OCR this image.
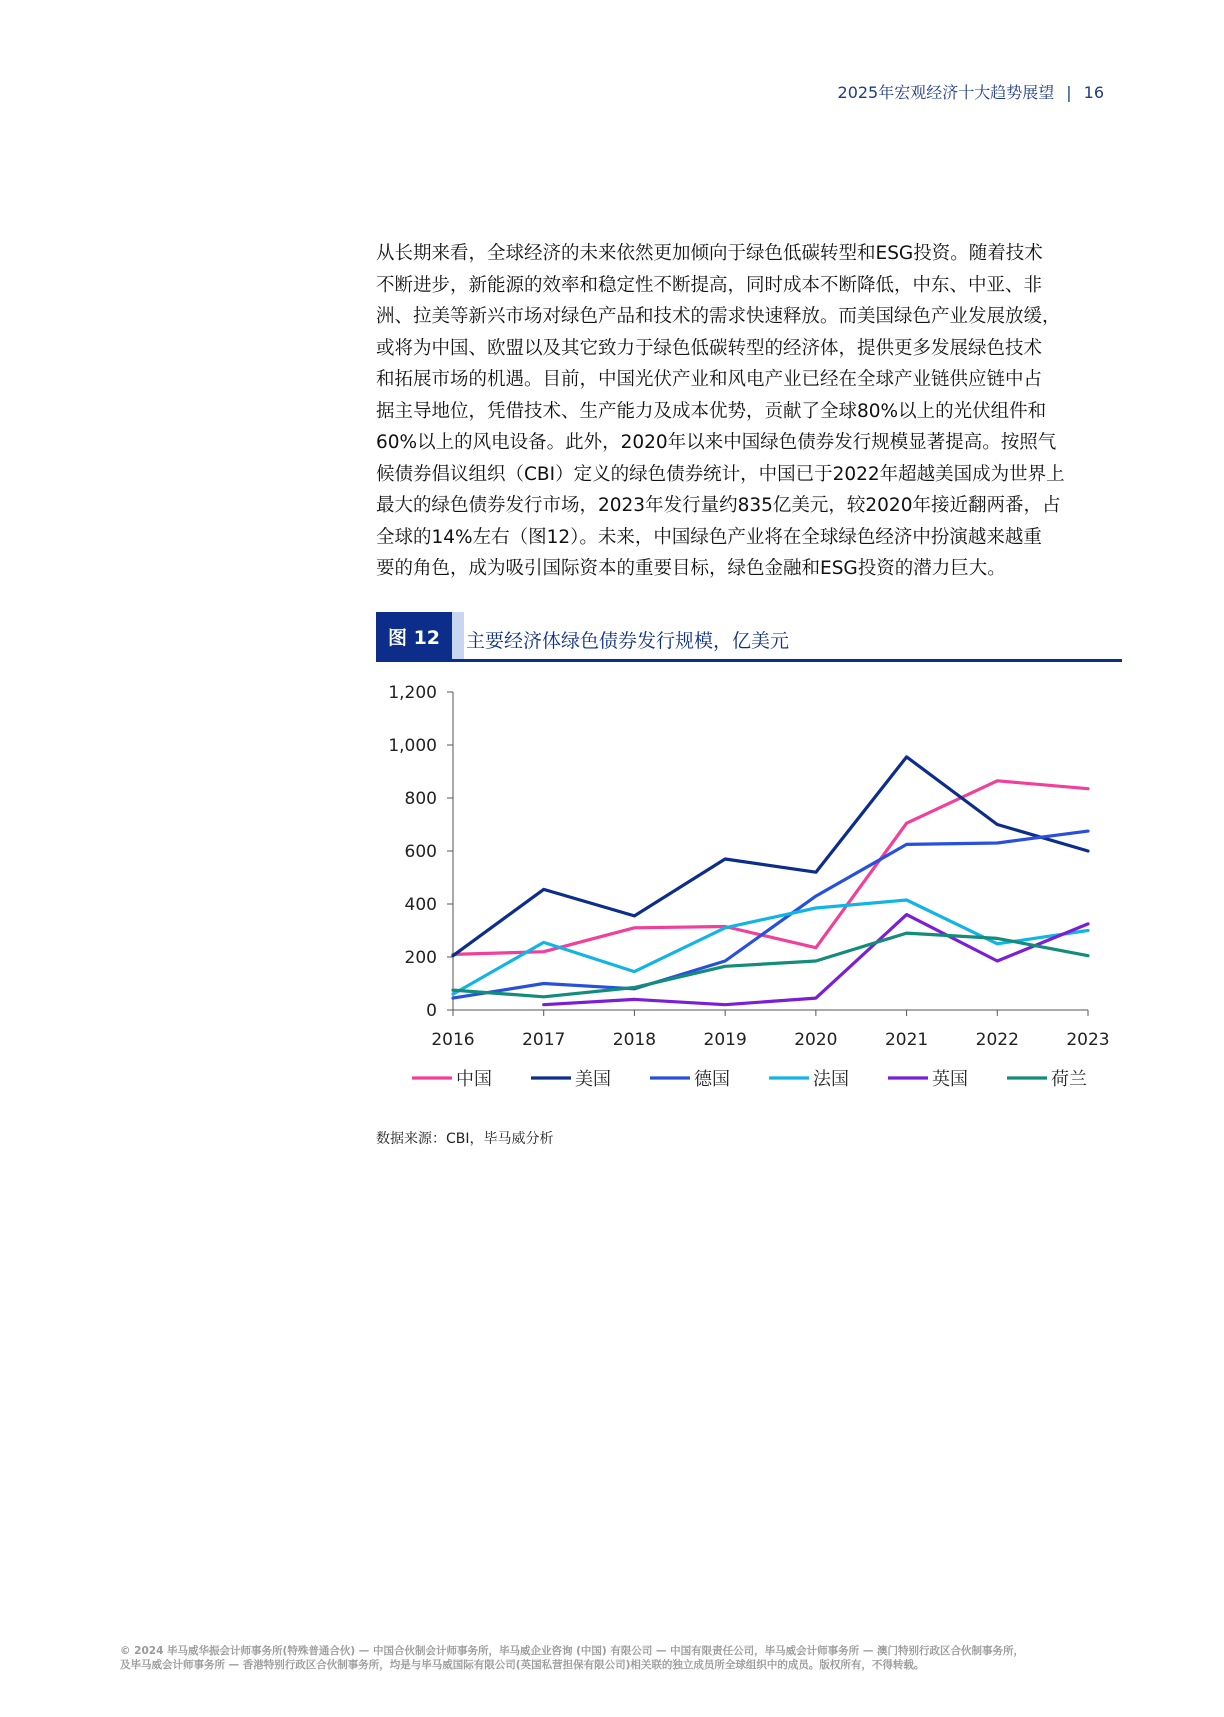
2025年宏观经济十大趋势展望 | 16
从长期来看，全球经济的未来依然更加倾向于绿色低碳转型和ESG投资。随着技术
不断进步，新能源的效率和稳定性不断提高，同时成本不断降低，中东、中亚、非
洲、拉美等新兴市场对绿色产品和技术的需求快速释放。而美国绿色产业发展放缓，
或将为中国、欧盟以及其它致力于绿色低碳转型的经济体，提供更多发展绿色技术
和拓展市场的机遇。目前，中国光伏产业和风电产业已经在全球产业链供应链中占
据主导地位，凭借技术、生产能力及成本优势，贡献了全球80%以上的光伏组件和
60%以上的风电设备。此外，2020年以来中国绿色债券发行规模显著提高。按照气
候债券倡议组织（CBI）定义的绿色债券统计，中国已于2022年超越美国成为世界上
最大的绿色债券发行市场，2023年发行量约835亿美元，较2020年接近翻两番，占
全球的14%左右（图12）。未来，中国绿色产业将在全球绿色经济中扮演越来越重
要的角色，成为吸引国际资本的重要目标，绿色金融和ESG投资的潜力巨大。
图 12	主要经济体绿色债券发行规模，亿美元
0
200
400
600
800
1,000
1,200
2016	2017	2018	2019	2020	2021	2022	2023
中国	美国	德国	法国	英国	荷兰
数据来源：CBI，毕马威分析
© 2024 毕马威华振会计师事务所(特殊普通合伙) — 中国合伙制会计师事务所，毕马威企业咨询 (中国) 有限公司 — 中国有限责任公司，毕马威会计师事务所 — 澳门特别行政区合伙制事务所，
及毕马威会计师事务所 — 香港特别行政区合伙制事务所，均是与毕马威国际有限公司(英国私营担保有限公司)相关联的独立成员所全球组织中的成员。版权所有，不得转载。
